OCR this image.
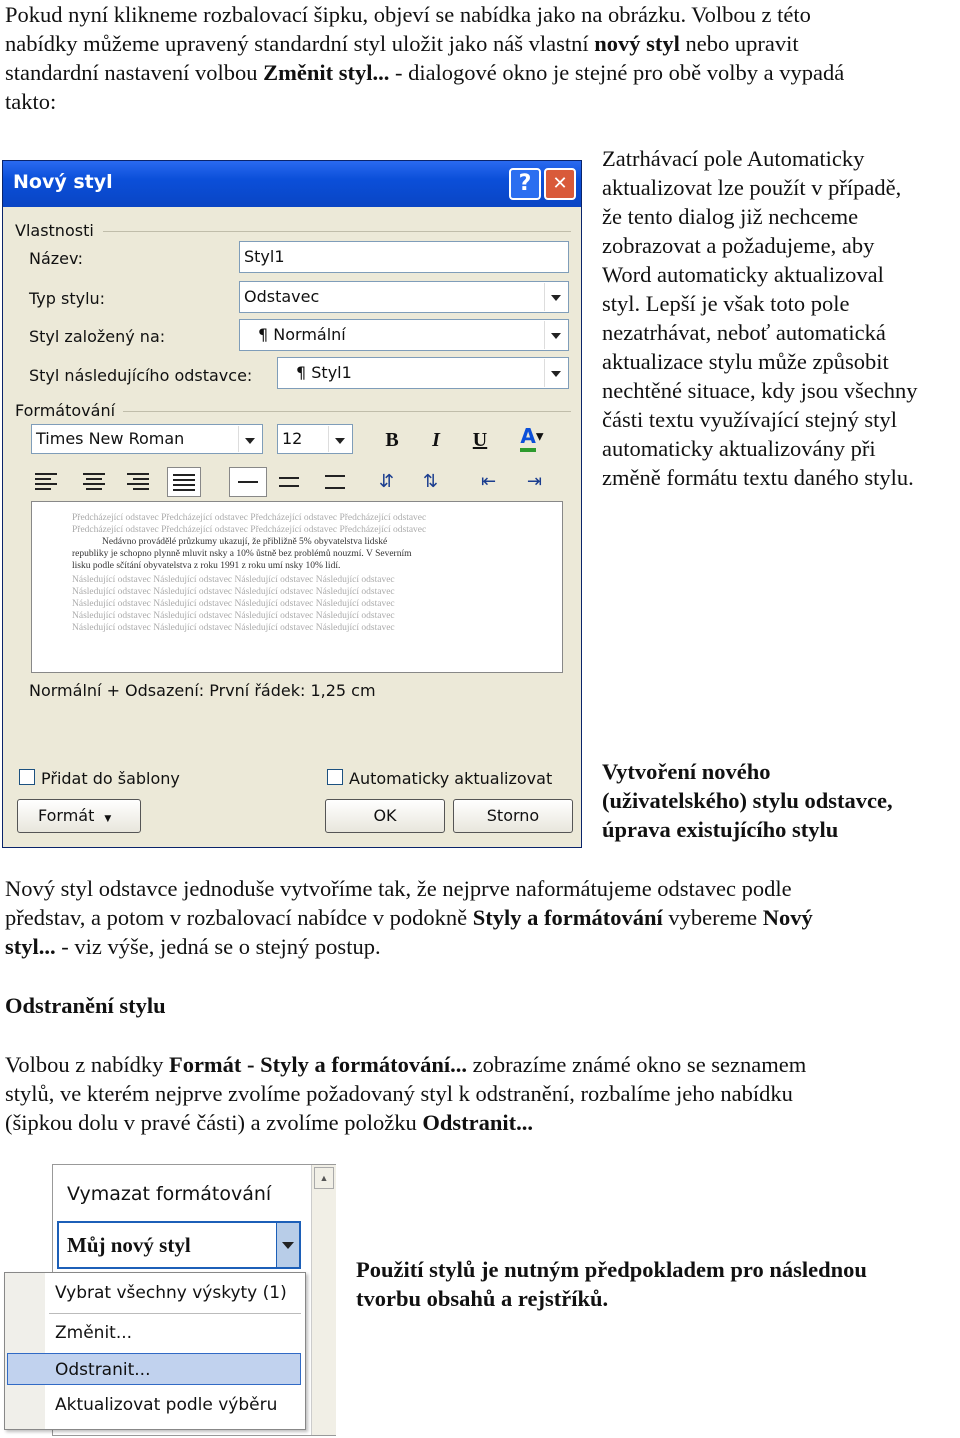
Pokud nyní klikneme rozbalovací šipku, objeví se nabídka jako na obrázku. Volbou z této
nabídky můžeme upravený standardní styl uložit jako náš vlastní nový styl nebo upravit
standardní nastavení volbou Změnit styl... - dialogové okno je stejné pro obě volby a vypadá
takto:
Nový styl	?	✕
Vlastnosti
Název:	Styl1
Typ stylu:	Odstavec
Styl založený na:	¶ Normální
Styl následujícího odstavce:	¶ Styl1
Formátování
Times New Roman	12	B	I	U	A▼
⇵	⇅	⇤	⇥
Předcházející odstavec Předcházející odstavec Předcházející odstavec Předcházející odstavec
Předcházející odstavec Předcházející odstavec Předcházející odstavec Předcházející odstavec
Nedávno provádělé průzkumy ukazují, že přibližně 5% obyvatelstva lidské
republiky je schopno plynně mluvit nsky a 10% ůstně bez problémů nouzmí. V Severním
lisku podle sčítání obyvatelstva z roku 1991 z roku umí nsky 10% lidí.
Následující odstavec Následující odstavec Následující odstavec Následující odstavec
Následující odstavec Následující odstavec Následující odstavec Následující odstavec
Následující odstavec Následující odstavec Následující odstavec Následující odstavec
Následující odstavec Následující odstavec Následující odstavec Následující odstavec
Následující odstavec Následující odstavec Následující odstavec Následující odstavec
Normální + Odsazení: První řádek: 1,25 cm
Přidat do šablony	Automaticky aktualizovat
Formát ▼	OK	Storno
Zatrhávací pole Automaticky
aktualizovat lze použít v případě,
že tento dialog již nechceme
zobrazovat a požadujeme, aby
Word automaticky aktualizoval
styl. Lepší je však toto pole
nezatrhávat, neboť automatická
aktualizace stylu může způsobit
nechtěné situace, kdy jsou všechny
části textu využívající stejný styl
automaticky aktualizovány při
změně formátu textu daného stylu.
Vytvoření nového
(uživatelského) stylu odstavce,
úprava existujícího stylu
Nový styl odstavce jednoduše vytvoříme tak, že nejprve naformátujeme odstavec podle
představ, a potom v rozbalovací nabídce v podokně Styly a formátování vybereme Nový
styl... - viz výše, jedná se o stejný postup.
Odstranění stylu
Volbou z nabídky Formát - Styly a formátování... zobrazíme známé okno se seznamem
stylů, ve kterém nejprve zvolíme požadovaný styl k odstranění, rozbalíme jeho nabídku
(šipkou dolu v pravé části) a zvolíme položku Odstranit...
Vymazat formátování
▲
Můj nový styl
Vybrat všechny výskyty (1)
Změnit...
Odstranit...
Aktualizovat podle výběru
Použití stylů je nutným předpokladem pro následnou
tvorbu obsahů a rejstříků.
